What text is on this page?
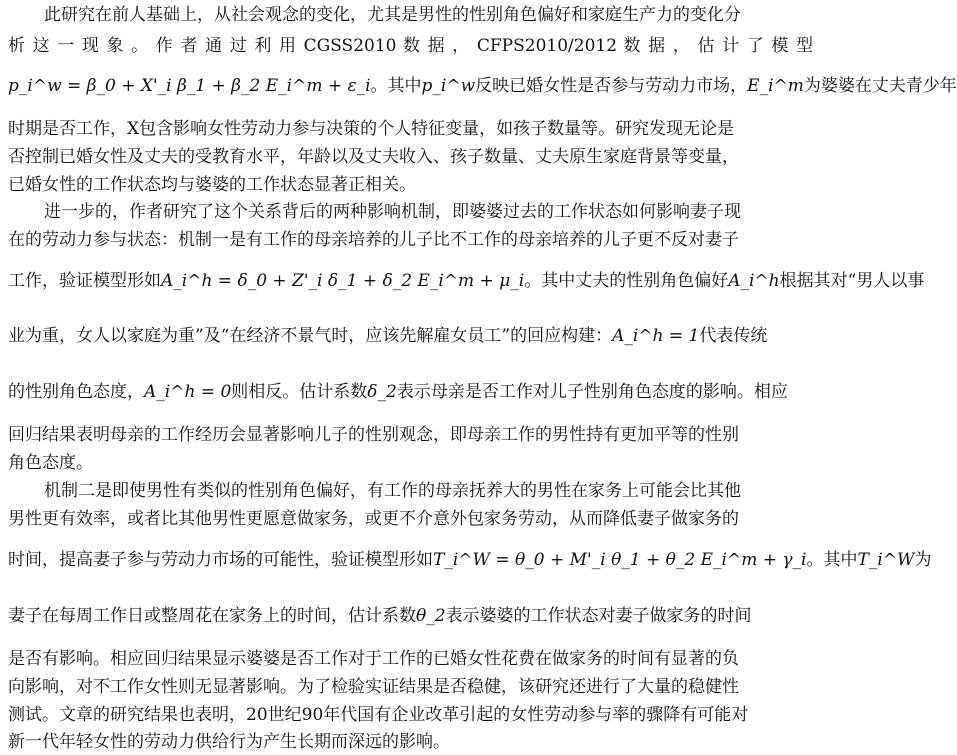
此研究在前人基础上，从社会观念的变化，尤其是男性的性别角色偏好和家庭生产力的变化分
析 这 一 现 象 。 作 者 通 过 利 用 CGSS2010 数 据 ， CFPS2010/2012 数 据 ， 估 计 了 模 型
p_i^w = β_0 + X'_i β_1 + β_2 E_i^m + ε_i。其中p_i^w反映已婚女性是否参与劳动力市场，E_i^m为婆婆在丈夫青少年
时期是否工作，X包含影响女性劳动力参与决策的个人特征变量，如孩子数量等。研究发现无论是
否控制已婚女性及丈夫的受教育水平，年龄以及丈夫收入、孩子数量、丈夫原生家庭背景等变量，
已婚女性的工作状态均与婆婆的工作状态显著正相关。
进一步的，作者研究了这个关系背后的两种影响机制，即婆婆过去的工作状态如何影响妻子现
在的劳动力参与状态：机制一是有工作的母亲培养的儿子比不工作的母亲培养的儿子更不反对妻子
工作，验证模型形如A_i^h = δ_0 + Z'_i δ_1 + δ_2 E_i^m + μ_i。其中丈夫的性别角色偏好A_i^h根据其对“男人以事
业为重，女人以家庭为重”及“在经济不景气时，应该先解雇女员工”的回应构建：A_i^h = 1代表传统
的性别角色态度，A_i^h = 0则相反。估计系数δ_2表示母亲是否工作对儿子性别角色态度的影响。相应
回归结果表明母亲的工作经历会显著影响儿子的性别观念，即母亲工作的男性持有更加平等的性别
角色态度。
机制二是即使男性有类似的性别角色偏好，有工作的母亲抚养大的男性在家务上可能会比其他
男性更有效率，或者比其他男性更愿意做家务，或更不介意外包家务劳动，从而降低妻子做家务的
时间，提高妻子参与劳动力市场的可能性，验证模型形如T_i^W = θ_0 + M'_i θ_1 + θ_2 E_i^m + γ_i。其中T_i^W为
妻子在每周工作日或整周花在家务上的时间，估计系数θ_2表示婆婆的工作状态对妻子做家务的时间
是否有影响。相应回归结果显示婆婆是否工作对于工作的已婚女性花费在做家务的时间有显著的负
向影响，对不工作女性则无显著影响。为了检验实证结果是否稳健，该研究还进行了大量的稳健性
测试。文章的研究结果也表明，20世纪90年代国有企业改革引起的女性劳动参与率的骤降有可能对
新一代年轻女性的劳动力供给行为产生长期而深远的影响。
